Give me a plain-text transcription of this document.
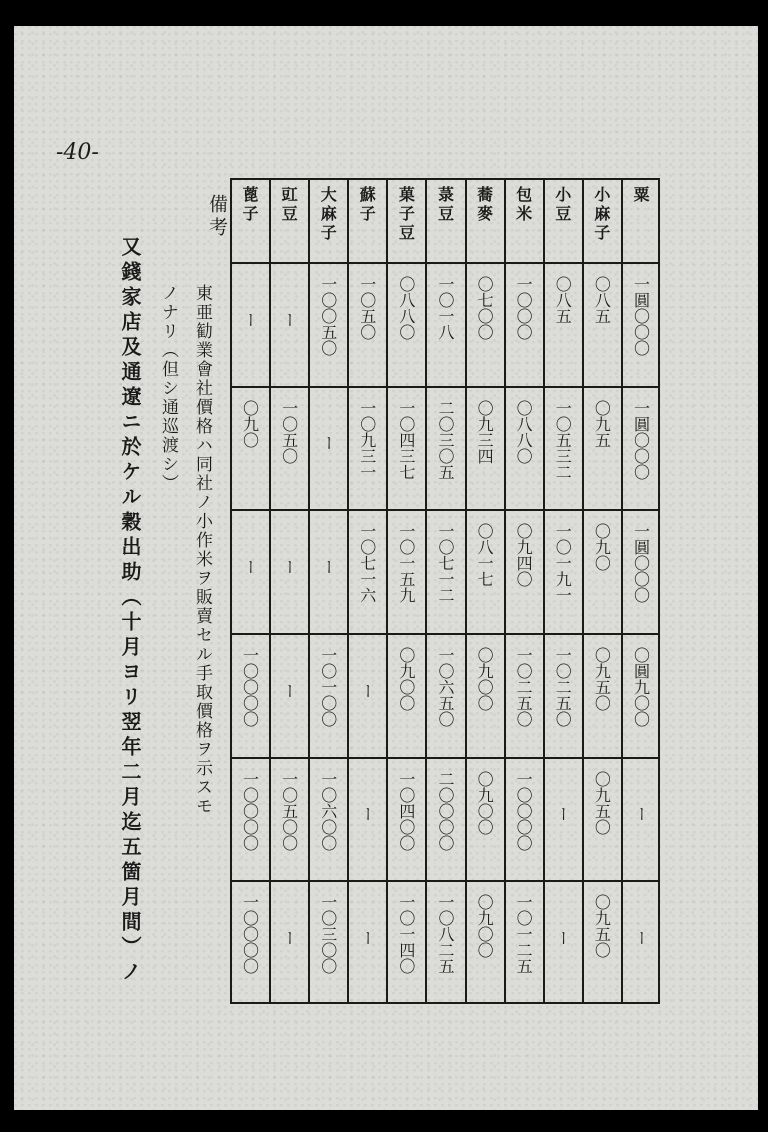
-40-
又錢家店及通遼ニ於ケル穀出助（十月ヨリ翌年二月迄五箇月間）ノ
備考
東亜勧業會社價格ハ同社ノ小作米ヲ販賣セル手取價格ヲ示スモ
ノナリ（但シ通巡渡シ）
粟
小麻子
小豆
包米
蕎麥
菉豆
菓子豆
蘇子
大麻子
豇豆
蓖子
一圓〇〇〇
〇八五
〇八五
一〇〇〇
〇七〇〇
一〇一八
〇八八〇
一〇五〇
一〇〇五〇
ー
ー
一圓〇〇〇
〇九五
一〇五三二
〇八八〇
〇九三四
二〇三〇五
一〇四三七
一〇九三一
ー
一〇五〇
〇九〇
一圓〇〇〇
〇九〇
一〇一九一
〇九四〇
〇八一七
一〇七一二
一〇一五九
一〇七一六
ー
ー
ー
〇圓九〇〇
〇九五〇
一〇二五〇
一〇二五〇
〇九〇〇
一〇六五〇
〇九〇〇
ー
一〇一〇〇
ー
一〇〇〇〇
ー
〇九五〇
ー
一〇〇〇〇
〇九〇〇
二〇〇〇〇
一〇四〇〇
ー
一〇六〇〇
一〇五〇〇
一〇〇〇〇
ー
〇九五〇
ー
一〇一二五
〇九〇〇
一〇八二五
一〇一四〇
ー
一〇三〇〇
ー
一〇〇〇〇
